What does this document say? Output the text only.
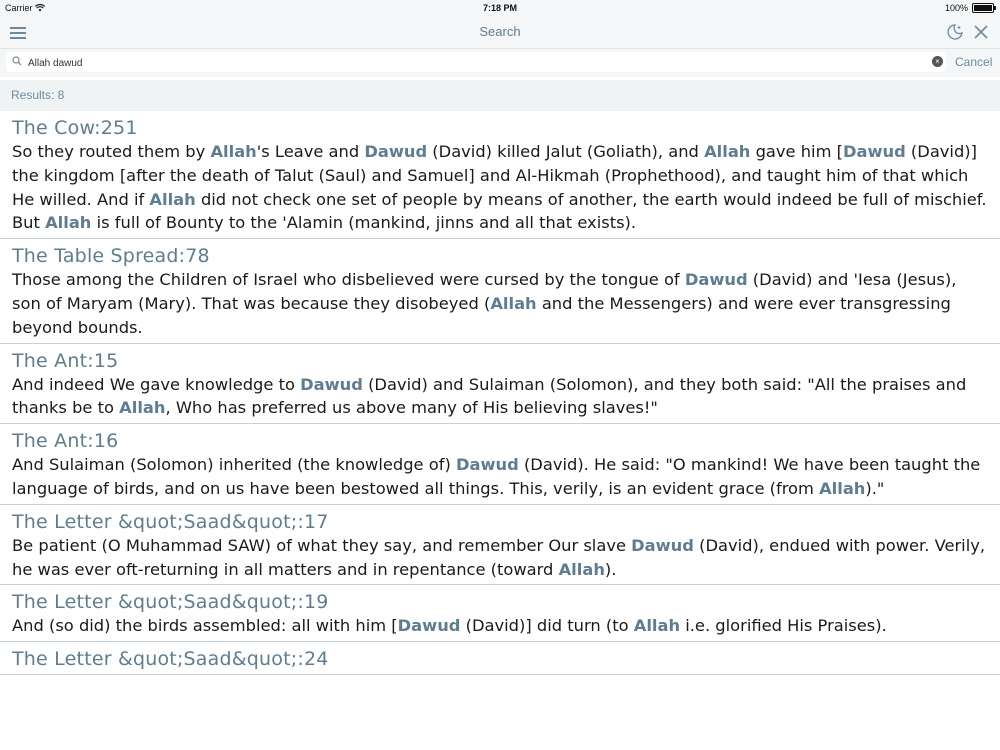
Carrier	7:18 PM	100%
Search
Allah dawud
× Cancel
Results: 8
The Cow:251
So they routed them by Allah's Leave and Dawud (David) killed Jalut (Goliath), and Allah gave him [Dawud (David)] the kingdom [after the death of Talut (Saul) and Samuel] and Al-Hikmah (Prophethood), and taught him of that which He willed. And if Allah did not check one set of people by means of another, the earth would indeed be full of mischief. But Allah is full of Bounty to the 'Alamin (mankind, jinns and all that exists).
The Table Spread:78
Those among the Children of Israel who disbelieved were cursed by the tongue of Dawud (David) and 'Iesa (Jesus), son of Maryam (Mary). That was because they disobeyed (Allah and the Messengers) and were ever transgressing beyond bounds.
The Ant:15
And indeed We gave knowledge to Dawud (David) and Sulaiman (Solomon), and they both said: "All the praises and thanks be to Allah, Who has preferred us above many of His believing slaves!"
The Ant:16
And Sulaiman (Solomon) inherited (the knowledge of) Dawud (David). He said: "O mankind! We have been taught the language of birds, and on us have been bestowed all things. This, verily, is an evident grace (from Allah)."
The Letter &quot;Saad&quot;:17
Be patient (O Muhammad SAW) of what they say, and remember Our slave Dawud (David), endued with power. Verily, he was ever oft-returning in all matters and in repentance (toward Allah).
The Letter &quot;Saad&quot;:19
And (so did) the birds assembled: all with him [Dawud (David)] did turn (to Allah i.e. glorified His Praises).
The Letter &quot;Saad&quot;:24
